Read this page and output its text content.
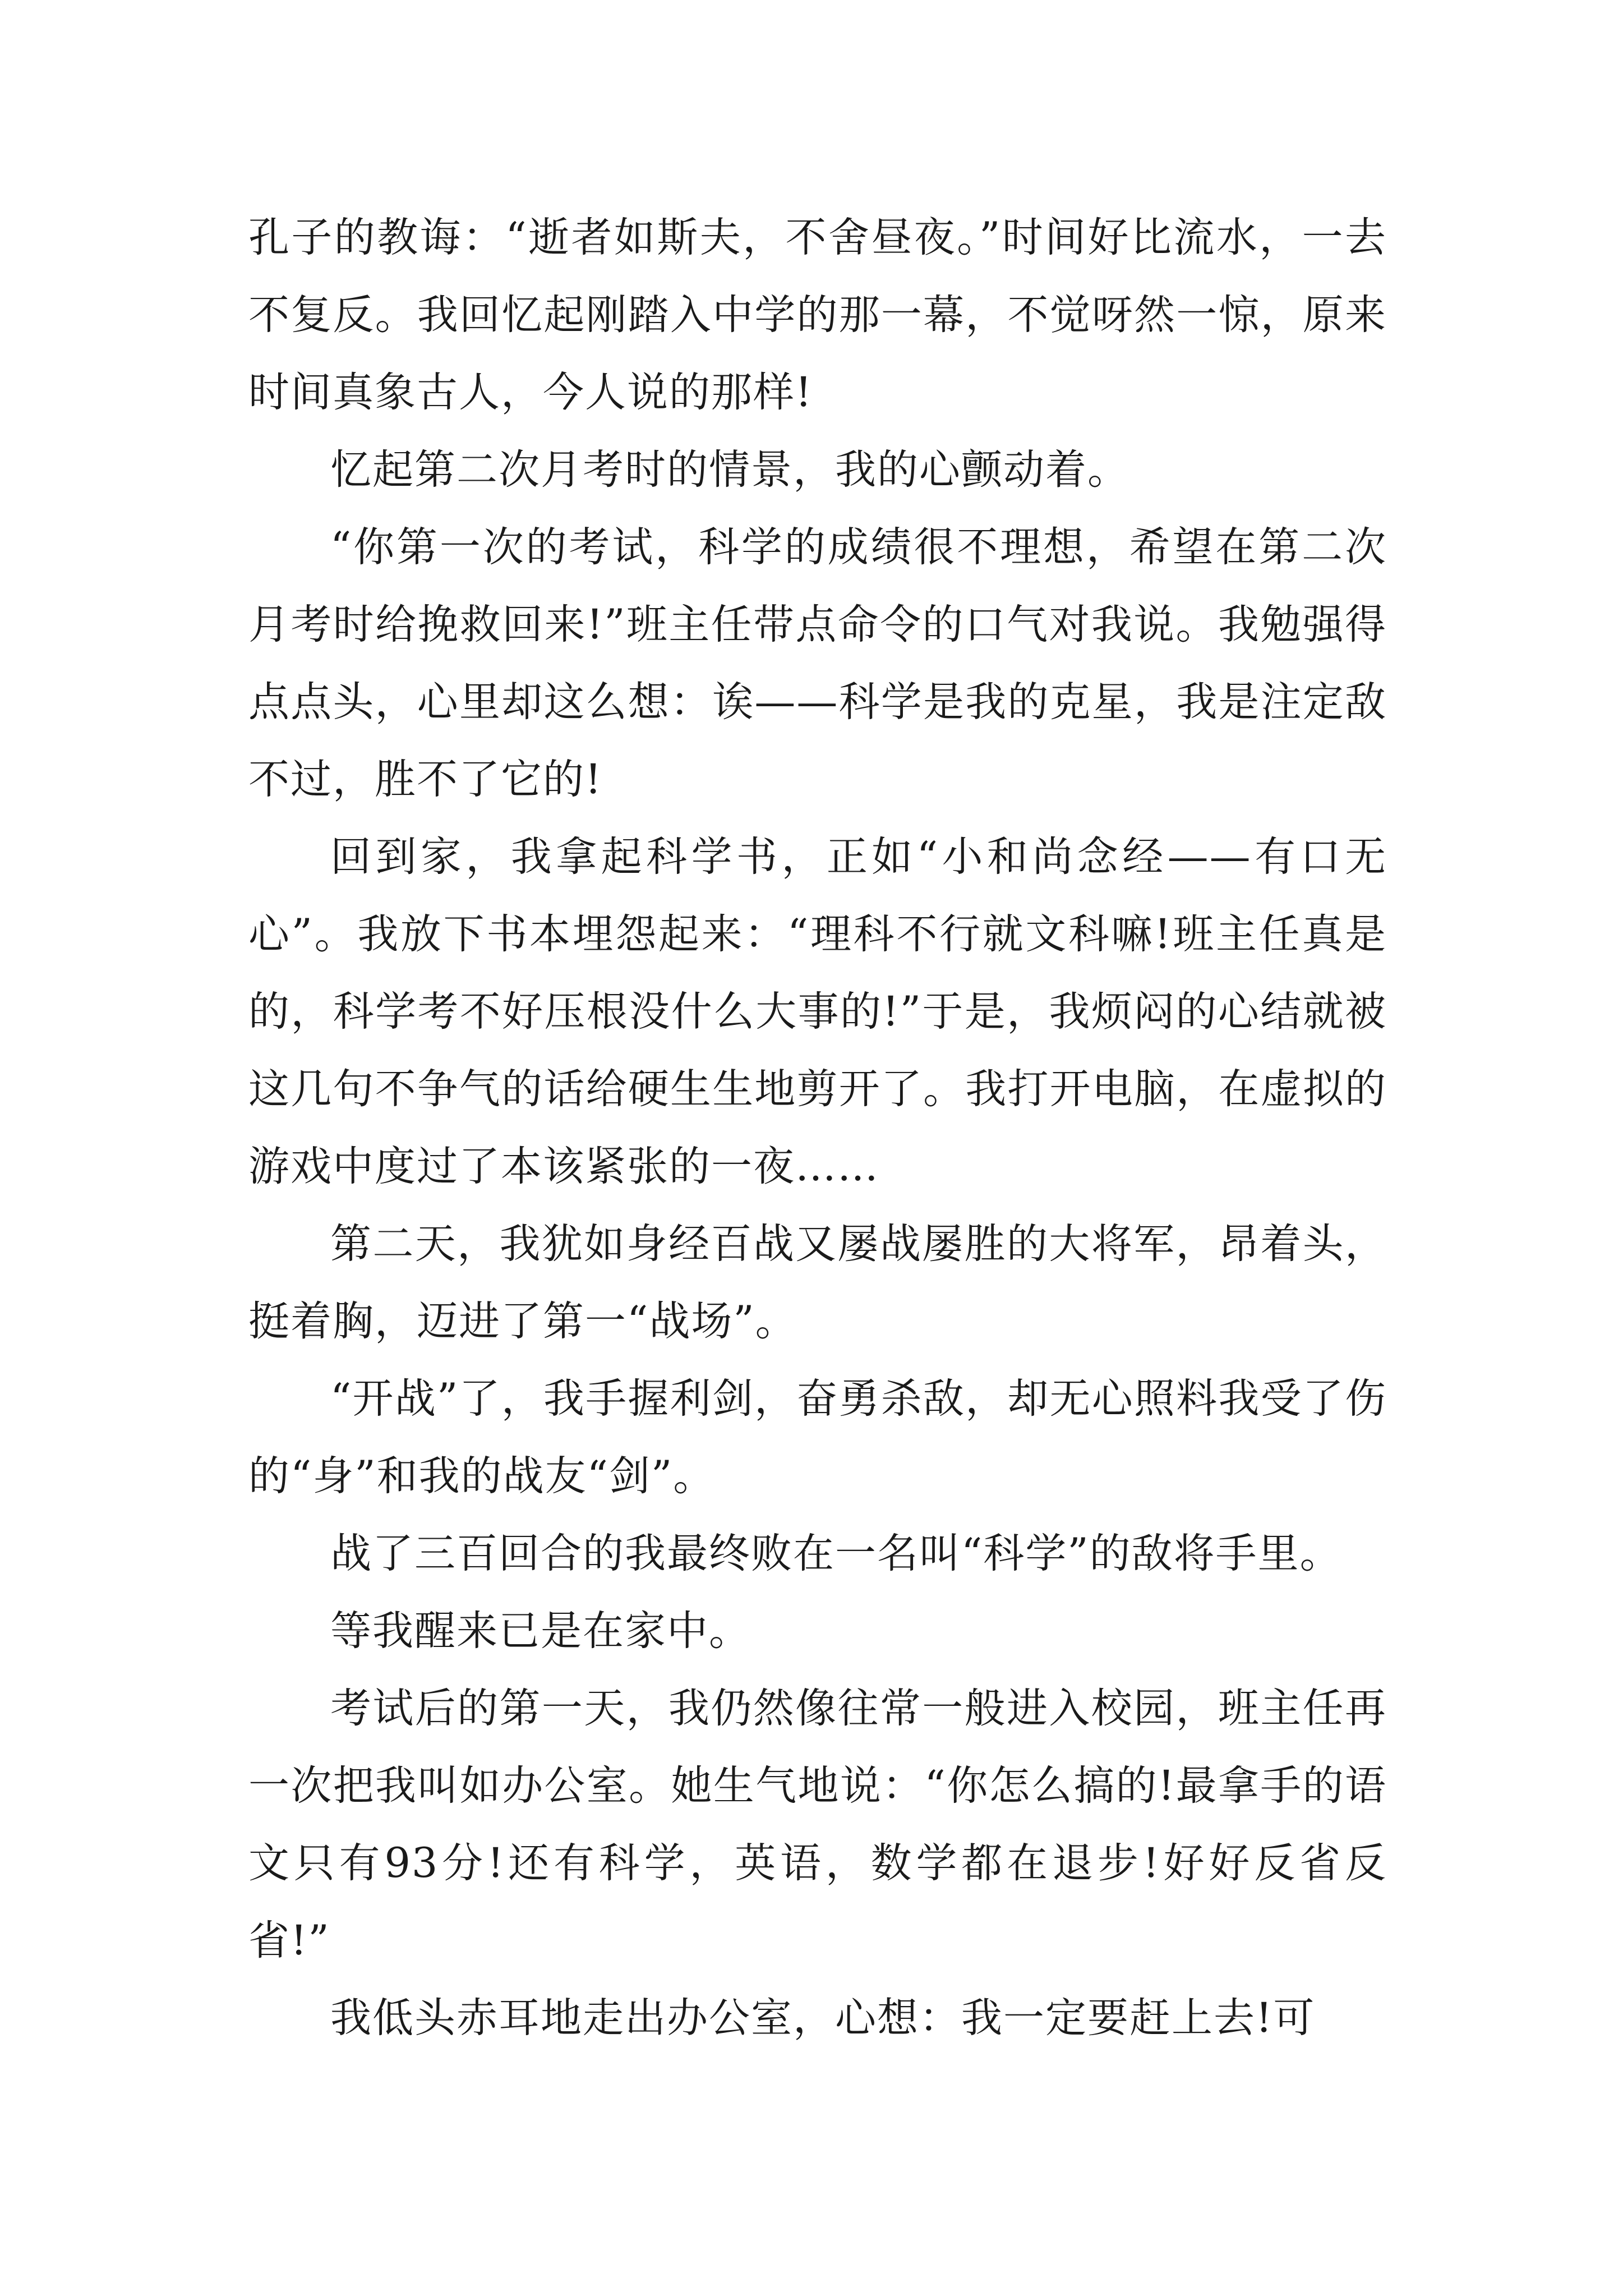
孔子的教诲：“逝者如斯夫，不舍昼夜。”时间好比流水，一去不复反。我回忆起刚踏入中学的那一幕，不觉呀然一惊，原来时间真象古人，今人说的那样!

忆起第二次月考时的情景，我的心颤动着。

“你第一次的考试，科学的成绩很不理想，希望在第二次月考时给挽救回来!”班主任带点命令的口气对我说。我勉强得点点头，心里却这么想：诶——科学是我的克星，我是注定敌不过，胜不了它的!

回到家，我拿起科学书，正如“小和尚念经——有口无心”。我放下书本埋怨起来：“理科不行就文科嘛!班主任真是的，科学考不好压根没什么大事的!”于是，我烦闷的心结就被这几句不争气的话给硬生生地剪开了。我打开电脑，在虚拟的游戏中度过了本该紧张的一夜……

第二天，我犹如身经百战又屡战屡胜的大将军，昂着头，挺着胸，迈进了第一“战场”。

“开战”了，我手握利剑，奋勇杀敌，却无心照料我受了伤的“身”和我的战友“剑”。

战了三百回合的我最终败在一名叫“科学”的敌将手里。

等我醒来已是在家中。

考试后的第一天，我仍然像往常一般进入校园，班主任再一次把我叫如办公室。她生气地说：“你怎么搞的!最拿手的语文只有93分!还有科学，英语，数学都在退步!好好反省反省!”

我低头赤耳地走出办公室，心想：我一定要赶上去!可
